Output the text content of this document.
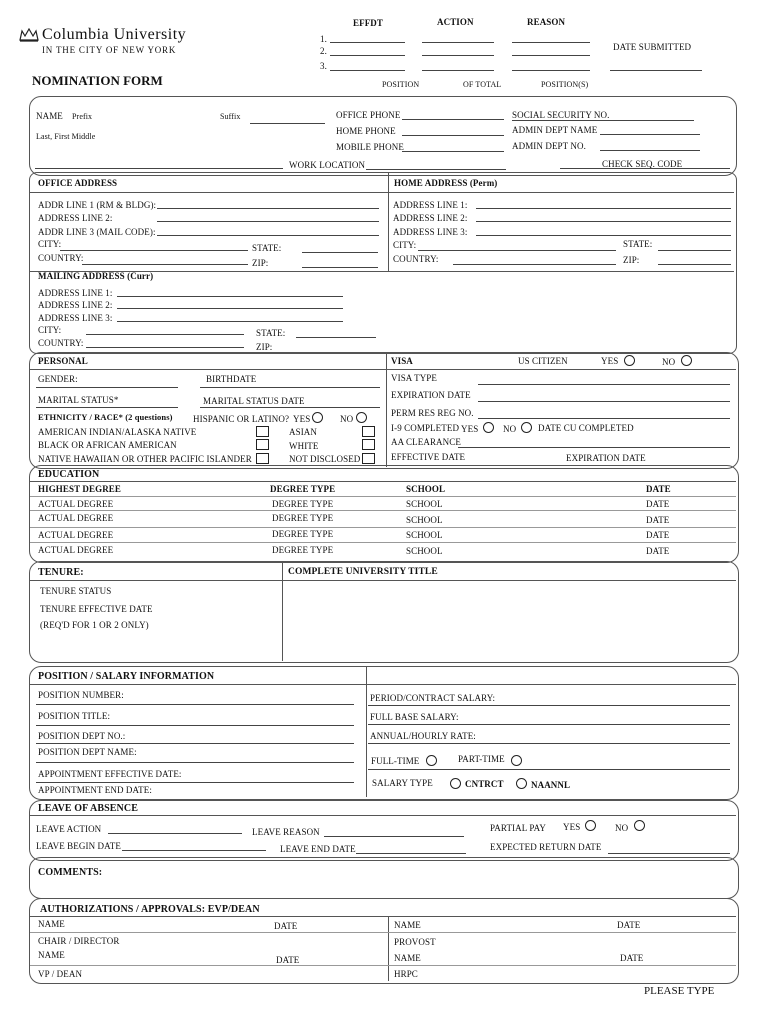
Columbia University
IN THE CITY OF NEW YORK
EFFDT	ACTION	REASON
1.
2.
3.
DATE SUBMITTED
NOMINATION FORM	POSITION	OF TOTAL	POSITION(S)
NAME Prefix	Suffix
Last, First Middle
OFFICE PHONE
HOME PHONE
MOBILE PHONE
SOCIAL SECURITY NO.
ADMIN DEPT NAME
ADMIN DEPT NO.
WORK LOCATION	CHECK SEQ. CODE
OFFICE ADDRESS
ADDR LINE 1 (RM & BLDG):
ADDRESS LINE 2:
ADDR LINE 3 (MAIL CODE):
CITY:	STATE:
COUNTRY:	ZIP:
HOME ADDRESS (Perm)
ADDRESS LINE 1:
ADDRESS LINE 2:
ADDRESS LINE 3:
CITY:	STATE:
COUNTRY:	ZIP:
MAILING ADDRESS (Curr)
ADDRESS LINE 1:
ADDRESS LINE 2:
ADDRESS LINE 3:
CITY:	STATE:
COUNTRY:	ZIP:
PERSONAL
GENDER:	BIRTHDATE
MARITAL STATUS*	MARITAL STATUS DATE
ETHNICITY / RACE* (2 questions) HISPANIC OR LATINO? YES	NO
AMERICAN INDIAN/ALASKA NATIVE
BLACK OR AFRICAN AMERICAN
NATIVE HAWAIIAN OR OTHER PACIFIC ISLANDER
ASIAN
WHITE
NOT DISCLOSED
VISA	US CITIZEN	YES	NO
VISA TYPE
EXPIRATION DATE
PERM RES REG NO.
I-9 COMPLETED YES	NO DATE CU COMPLETED
AA CLEARANCE
EFFECTIVE DATE	EXPIRATION DATE
EDUCATION
HIGHEST DEGREE	DEGREE TYPE	SCHOOL	DATE
ACTUAL DEGREE	DEGREE TYPE	SCHOOL	DATE
ACTUAL DEGREE	DEGREE TYPE	SCHOOL	DATE
ACTUAL DEGREE	DEGREE TYPE	SCHOOL	DATE
ACTUAL DEGREE	DEGREE TYPE	SCHOOL	DATE
TENURE:	COMPLETE UNIVERSITY TITLE
TENURE STATUS
TENURE EFFECTIVE DATE
(REQ'D FOR 1 OR 2 ONLY)
POSITION / SALARY INFORMATION
POSITION NUMBER:
POSITION TITLE:
POSITION DEPT NO.:
POSITION DEPT NAME:
APPOINTMENT EFFECTIVE DATE:
APPOINTMENT END DATE:
PERIOD/CONTRACT SALARY:
FULL BASE SALARY:
ANNUAL/HOURLY RATE:
FULL-TIME	PART-TIME
SALARY TYPE	CNTRCT	NAANNL
LEAVE OF ABSENCE
LEAVE ACTION	LEAVE REASON	PARTIAL PAY YES	NO
LEAVE BEGIN DATE	LEAVE END DATE	EXPECTED RETURN DATE
COMMENTS:
AUTHORIZATIONS / APPROVALS: EVP/DEAN
NAME	DATE
CHAIR / DIRECTOR
NAME	DATE
VP / DEAN
NAME	DATE
PROVOST
NAME	DATE
HRPC
PLEASE TYPE
